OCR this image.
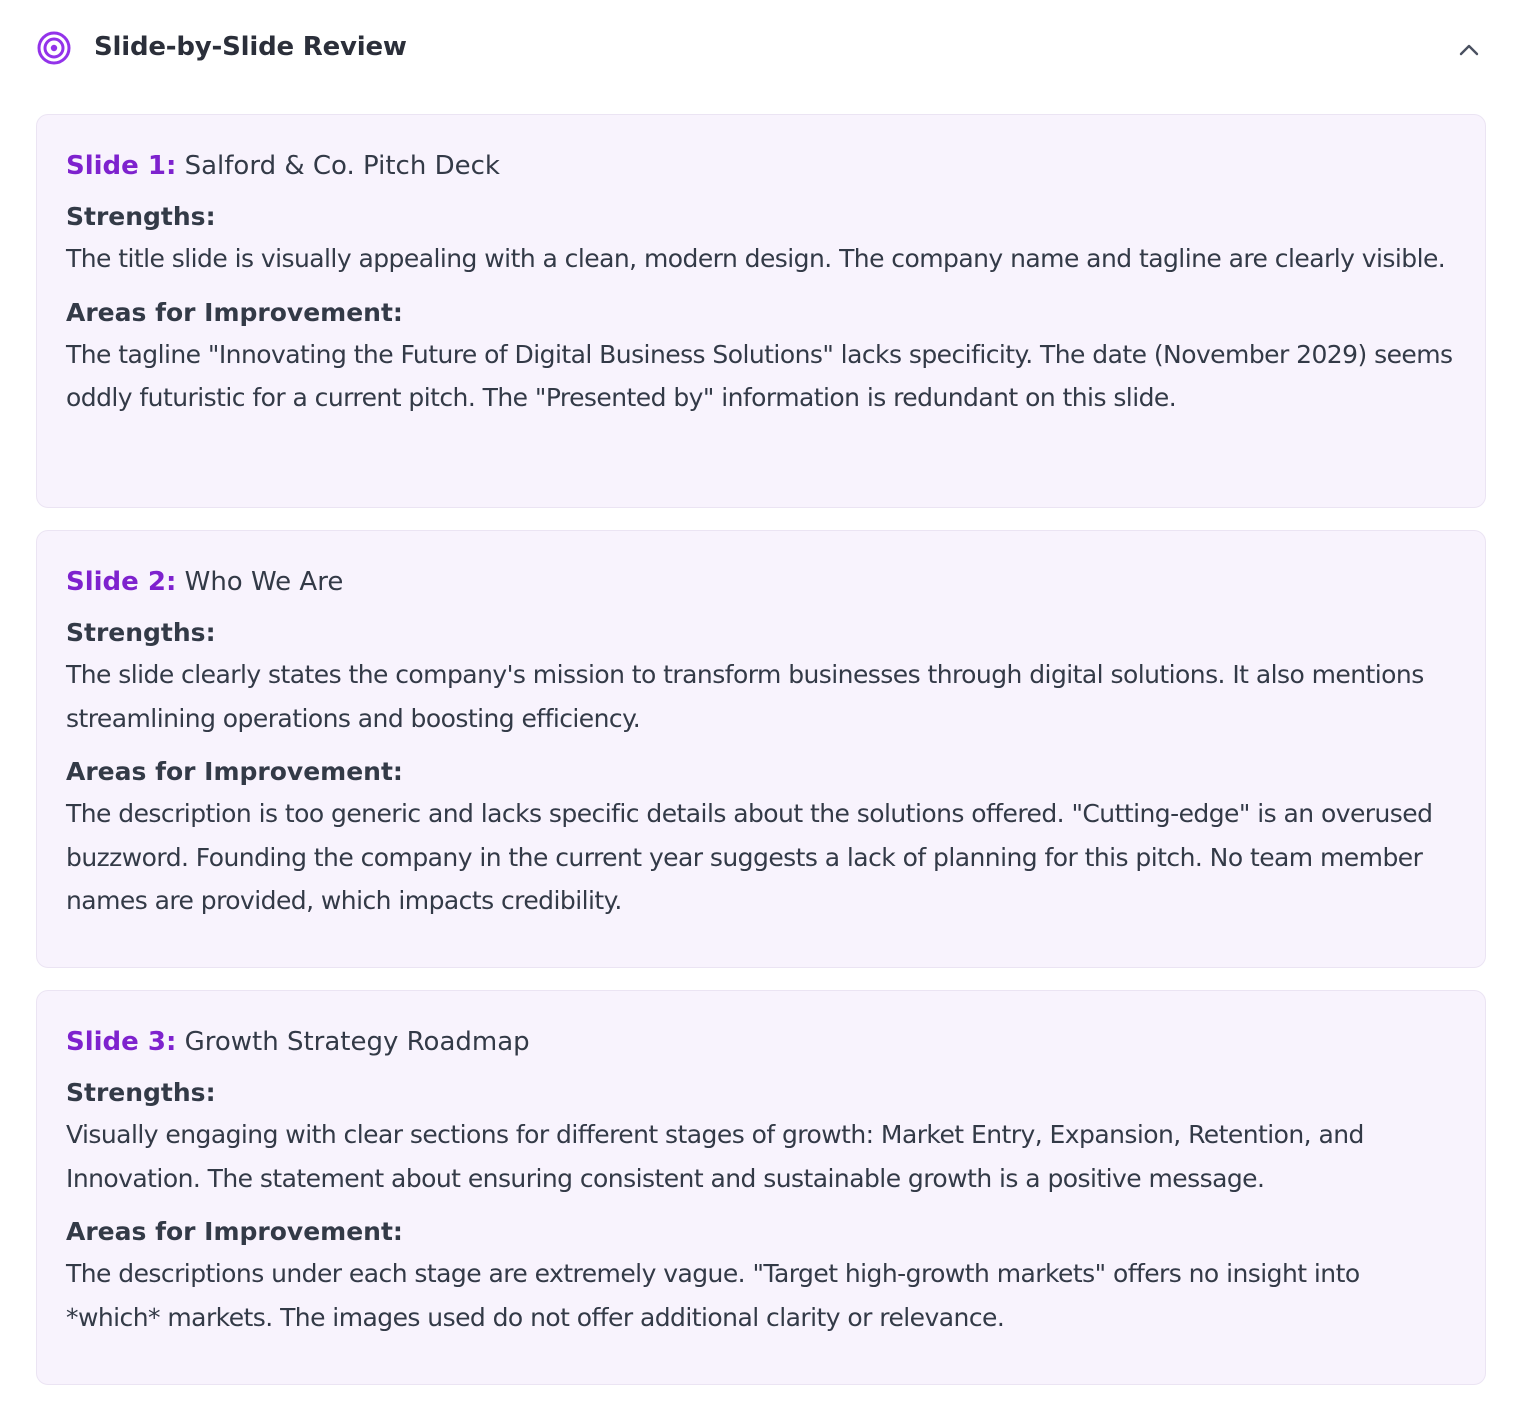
Slide-by-Slide Review

Slide 1: Salford & Co. Pitch Deck

Strengths:

The title slide is visually appealing with a clean, modern design. The company name and tagline are clearly visible.

Areas for Improvement:

The tagline "Innovating the Future of Digital Business Solutions" lacks specificity. The date (November 2029) seems oddly futuristic for a current pitch. The "Presented by" information is redundant on this slide.

Slide 2: Who We Are

Strengths:

The slide clearly states the company's mission to transform businesses through digital solutions. It also mentions streamlining operations and boosting efficiency.

Areas for Improvement:

The description is too generic and lacks specific details about the solutions offered. "Cutting-edge" is an overused buzzword. Founding the company in the current year suggests a lack of planning for this pitch. No team member names are provided, which impacts credibility.

Slide 3: Growth Strategy Roadmap

Strengths:

Visually engaging with clear sections for different stages of growth: Market Entry, Expansion, Retention, and Innovation. The statement about ensuring consistent and sustainable growth is a positive message.

Areas for Improvement:

The descriptions under each stage are extremely vague. "Target high-growth markets" offers no insight into *which* markets. The images used do not offer additional clarity or relevance.
